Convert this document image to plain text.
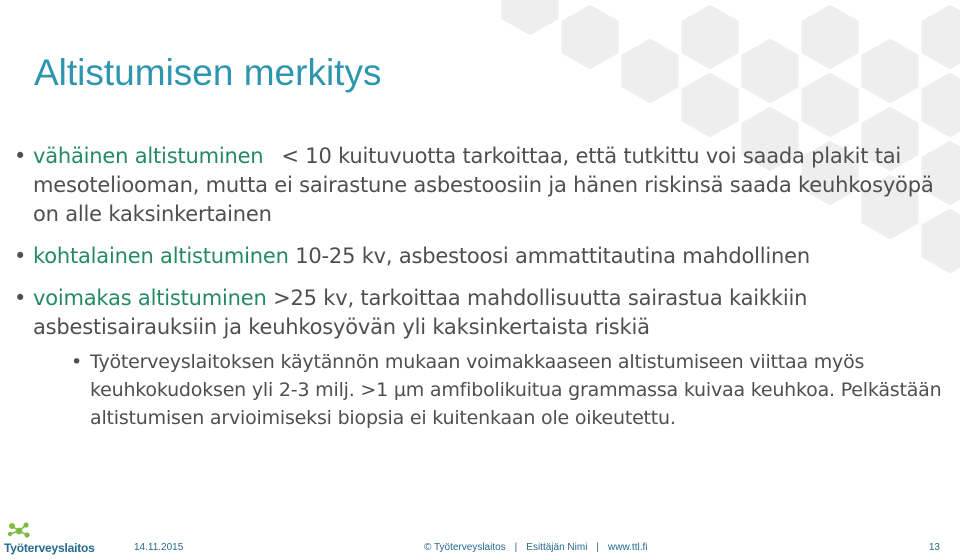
Altistumisen merkitys
• vähäinen altistuminen < 10 kuituvuotta tarkoittaa, että tutkittu voi saada plakit tai mesoteliooman, mutta ei sairastune asbestoosiin ja hänen riskinsä saada keuhkosyöpä on alle kaksinkertainen
• kohtalainen altistuminen 10-25 kv, asbestoosi ammattitautina mahdollinen
• voimakas altistuminen >25 kv, tarkoittaa mahdollisuutta sairastua kaikkiin asbestisairauksiin ja keuhkosyövän yli kaksinkertaista riskiä
• Työterveyslaitoksen käytännön mukaan voimakkaaseen altistumiseen viittaa myös keuhkokudoksen yli 2-3 milj. >1 µm amfibolikuitua grammassa kuivaa keuhkoa. Pelkästään altistumisen arvioimiseksi biopsia ei kuitenkaan ole oikeutettu.
Työterveyslaitos	14.11.2015	© Työterveyslaitos | Esittäjän Nimi | www.ttl.fi	13
